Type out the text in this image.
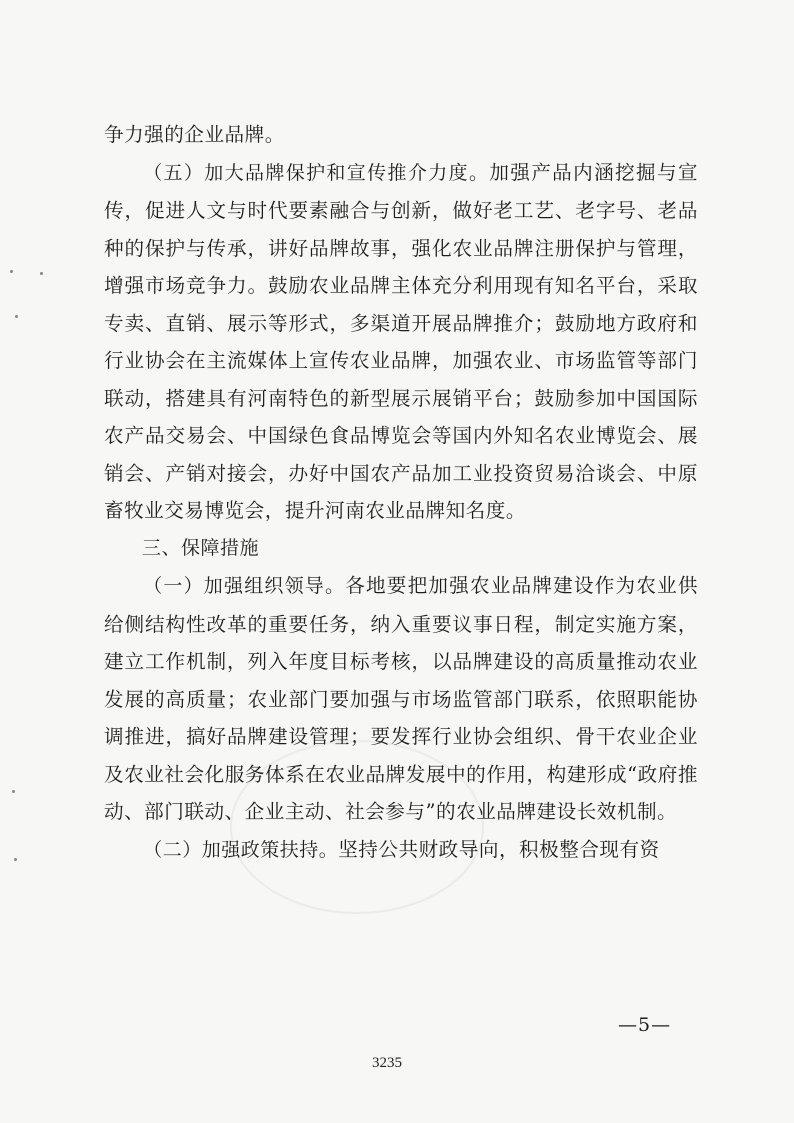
争力强的企业品牌。

（五）加大品牌保护和宣传推介力度。加强产品内涵挖掘与宣传，促进人文与时代要素融合与创新，做好老工艺、老字号、老品种的保护与传承，讲好品牌故事，强化农业品牌注册保护与管理，增强市场竞争力。鼓励农业品牌主体充分利用现有知名平台，采取专卖、直销、展示等形式，多渠道开展品牌推介；鼓励地方政府和行业协会在主流媒体上宣传农业品牌，加强农业、市场监管等部门联动，搭建具有河南特色的新型展示展销平台；鼓励参加中国国际农产品交易会、中国绿色食品博览会等国内外知名农业博览会、展销会、产销对接会，办好中国农产品加工业投资贸易洽谈会、中原畜牧业交易博览会，提升河南农业品牌知名度。

三、保障措施

（一）加强组织领导。各地要把加强农业品牌建设作为农业供给侧结构性改革的重要任务，纳入重要议事日程，制定实施方案，建立工作机制，列入年度目标考核，以品牌建设的高质量推动农业发展的高质量；农业部门要加强与市场监管部门联系，依照职能协调推进，搞好品牌建设管理；要发挥行业协会组织、骨干农业企业及农业社会化服务体系在农业品牌发展中的作用，构建形成“政府推动、部门联动、企业主动、社会参与”的农业品牌建设长效机制。

（二）加强政策扶持。坚持公共财政导向，积极整合现有资

—5—
3235
